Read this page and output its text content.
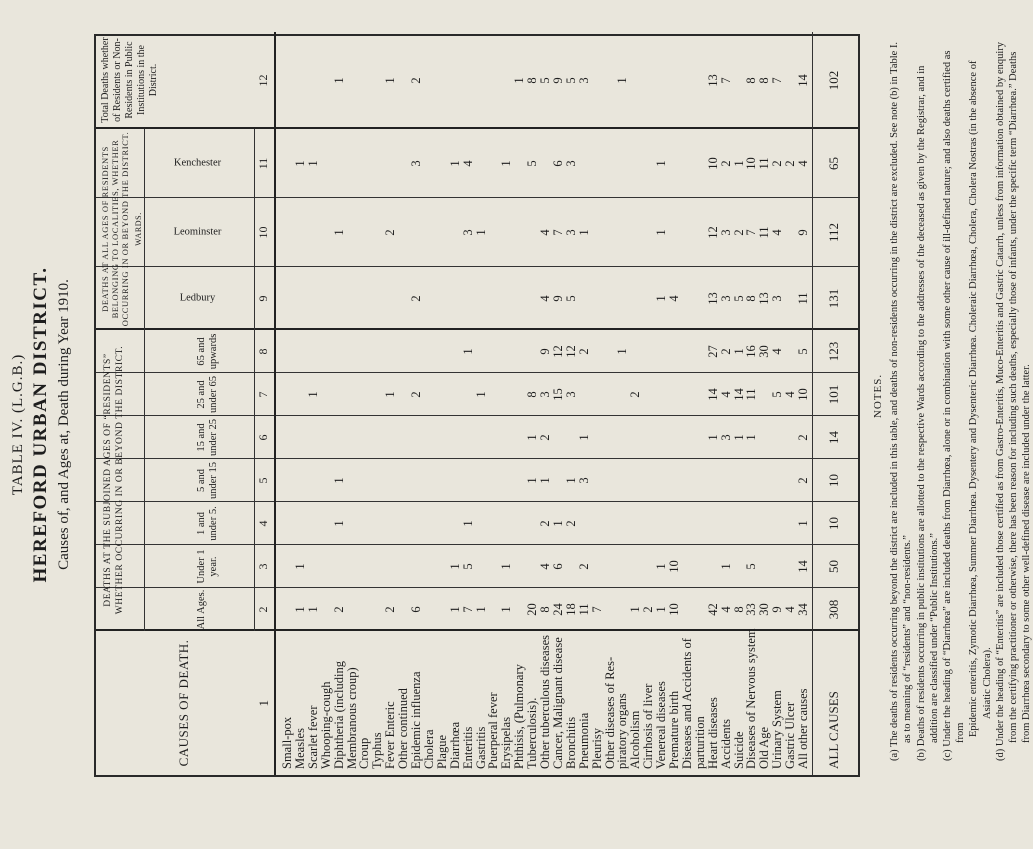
TABLE IV. (L.G.B.) HEREFORD URBAN DISTRICT. Causes of, and Ages at, Death during Year 1910.
CAUSES OF DEATH.	1
DEATHS AT THE SUBJOINED AGES OF “RESIDENTS” WHETHER OCCURRING IN OR BEYOND THE DISTRICT.
DEATHS AT ALL AGES OF RESIDENTS BELONGING TO LOCALITIES, WHETHER OCCURRING IN OR BEYOND THE DISTRICT. WARDS.
Total Deaths whether of Residents or Non-Residents in Public Institutions in the District.
All Ages.
Under 1 year.
1 and under 5.
5 and under 15
15 and under 25
25 and under 65
65 and upwards
Ledbury
Leominster
Kenchester
2
3
4
5
6
7
8
9
10
11
12
Small-pox
Measles
1
1
1
Scarlet fever
1
1
1
Whooping-cough
Diphtheria (including
2
1
1
1
1
Membranous croup)
Croup
Typhus
Fever Enteric
2
1
2
1
Other continued
Epidemic influenza
6
2
2
3
2
Cholera
Plague
Diarrhœa
1
1
1
Enteritis
7
5
1
1
3
4
Gastritis
1
1
1
Puerperal fever
Erysipelas
1
1
1
Phthisis, (Pulmonary
1
Tuberculosis).
20
1
1
8
5
8
Other tuberculous diseases
8
4
2
1
2
3
9
4
4
5
Cancer, Malignant disease
24
6
1
15
12
9
7
6
9
Bronchitis
18
2
1
3
12
5
3
3
5
Pneumonia
11
2
3
1
2
1
3
Pleurisy
7
Other diseases of Res-
piratory organs
1
1
Alcoholism
1
2
Cirrhosis of liver
2
Venereal diseases
1
1
1
1
1
Premature birth
10
10
4
Diseases and Accidents of
parturition
Heart diseases
42
1
14
27
13
12
10
13
Accidents
4
1
3
4
2
3
3
2
7
Suicide
8
1
14
1
5
2
1
Diseases of Nervous system
33
5
1
11
16
8
7
10
8
Old Age
30
30
13
11
11
8
Urinary System
9
5
4
3
4
2
7
Gastric Ulcer
4
4
2
All other causes
34
14
1
2
2
10
5
11
9
4
14
ALL CAUSES
308
50
10
10
14
101
123
131
112
65
102
NOTES. (a) The deaths of residents occurring beyond the district are included in this table, and deaths of non-residents occurring in the district are excluded. See note (b) in Table I. as to meaning of “residents” and “non-residents.” (b) Deaths of residents occurring in public institutions are allotted to the respective Wards according to the addresses of the deceased as given by the Registrar, and in addition are classified under “Public Institutions.” (c) Under the heading of “Diarrhœa” are included deaths from Diarrhœa, alone or in combination with some other cause of ill-defined nature; and also deaths certified as from Epidemic enteritis, Zymotic Diarrhœa, Summer Diarrhœa. Dysentery and Dysenteric Diarrhœa. Choleraic Diarrhœa, Cholera, Cholera Nostras (in the absence of Asiatic Cholera). (d) Under the heading of “Enteritis” are included those certified as from Gastro-Enteritis, Muco-Enteritis and Gastric Catarrh, unless from information obtained by enquiry from the certifying practitioner or otherwise, there has been reason for including such deaths, especially those of infants, under the specific term “Diarrhœa.” Deaths from Diarrhœa secondary to some other well-defined disease are included under the latter.
